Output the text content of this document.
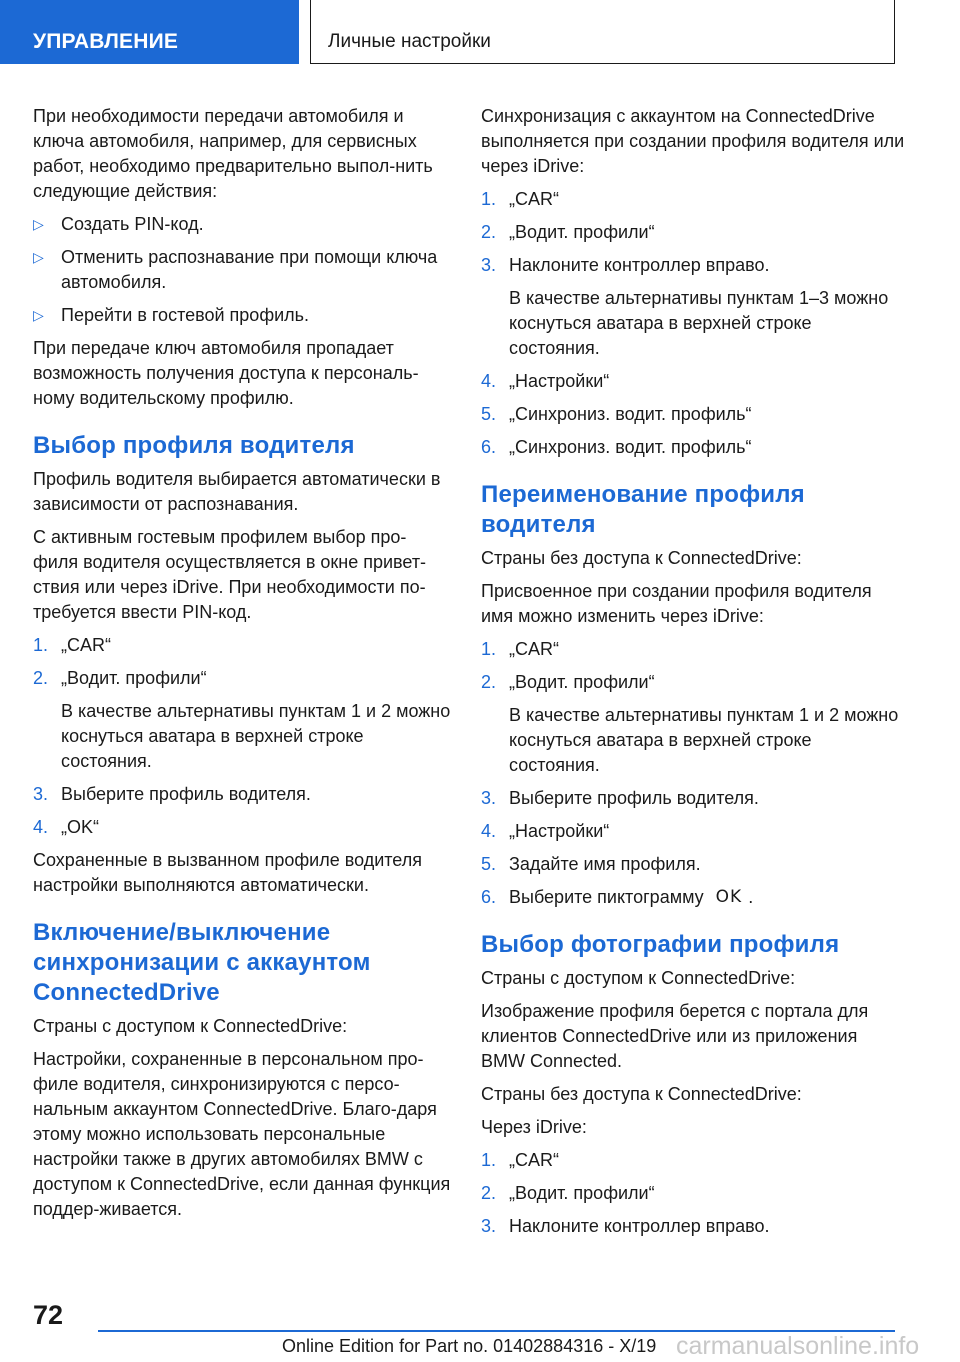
УПРАВЛЕНИЕ	Личные настройки

При необходимости передачи автомобиля и ключа автомобиля, например, для сервисных работ, необходимо предварительно выпол-нить следующие действия:

▷ Создать PIN-код.
▷ Отменить распознавание при помощи ключа автомобиля.
▷ Перейти в гостевой профиль.

При передаче ключ автомобиля пропадает возможность получения доступа к персональ-ному водительскому профилю.

Выбор профиля водителя

Профиль водителя выбирается автоматически в зависимости от распознавания.

С активным гостевым профилем выбор про-филя водителя осуществляется в окне привет-ствия или через iDrive. При необходимости по-требуется ввести PIN-код.

1. „CAR“
2. „Водит. профили“

В качестве альтернативы пунктам 1 и 2 можно коснуться аватара в верхней строке состояния.

3. Выберите профиль водителя.
4. „OK“

Сохраненные в вызванном профиле водителя настройки выполняются автоматически.

Включение/выключение синхронизации с аккаунтом ConnectedDrive

Страны с доступом к ConnectedDrive:

Настройки, сохраненные в персональном про-филе водителя, синхронизируются с персо-нальным аккаунтом ConnectedDrive. Благо-даря этому можно использовать персональные настройки также в других автомобилях BMW с доступом к ConnectedDrive, если данная функция поддер-живается.

Синхронизация с аккаунтом на ConnectedDrive выполняется при создании профиля водителя или через iDrive:

1. „CAR“
2. „Водит. профили“
3. Наклоните контроллер вправо.

В качестве альтернативы пунктам 1–3 можно коснуться аватара в верхней строке состояния.

4. „Настройки“
5. „Синхрониз. водит. профиль“
6. „Синхрониз. водит. профиль“
Переименование профиля водителя

Страны без доступа к ConnectedDrive:

Присвоенное при создании профиля водителя имя можно изменить через iDrive:

1. „CAR“
2. „Водит. профили“

В качестве альтернативы пунктам 1 и 2 можно коснуться аватара в верхней строке состояния.

3. Выберите профиль водителя.
4. „Настройки“
5. Задайте имя профиля.
6. Выберите пиктограмму OK .
Выбор фотографии профиля

Страны с доступом к ConnectedDrive:

Изображение профиля берется с портала для клиентов ConnectedDrive или из приложения BMW Connected.

Страны без доступа к ConnectedDrive:

Через iDrive:

1. „CAR“
2. „Водит. профили“
3. Наклоните контроллер вправо.
72
Online Edition for Part no. 01402884316 - X/19 carmanualsonline.info
